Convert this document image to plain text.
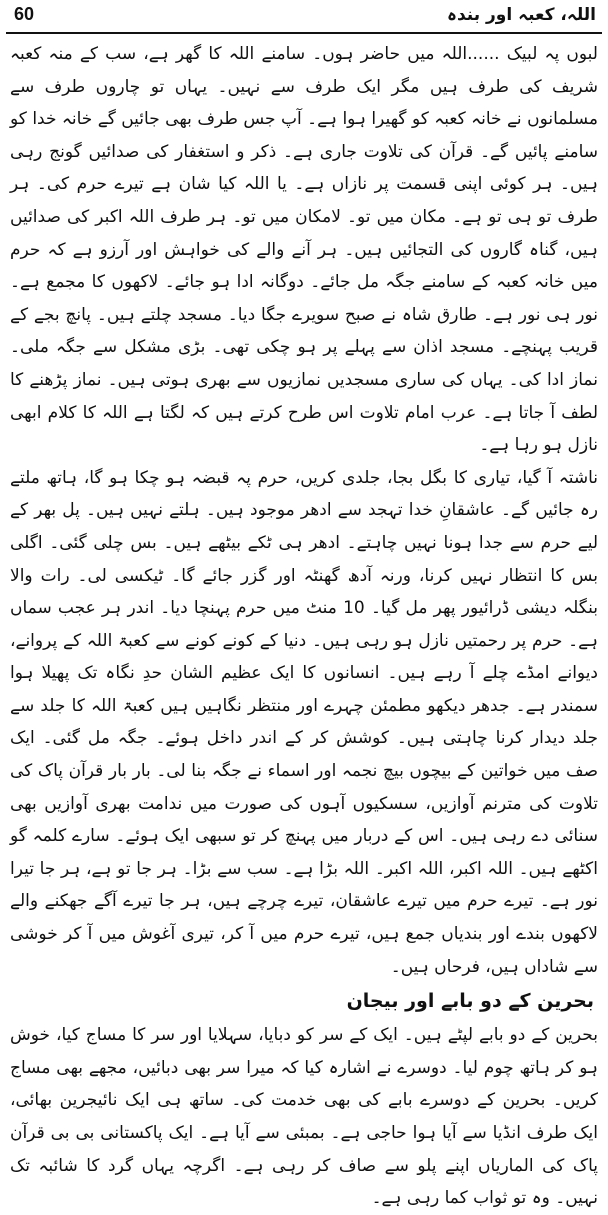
60	اللہ، کعبہ اور بندہ

لبوں پہ لبیک ......اللہ میں حاضر ہوں۔ سامنے اللہ کا گھر ہے، سب کے منہ کعبہ شریف کی طرف ہیں مگر ایک طرف سے نہیں۔ یہاں تو چاروں طرف سے مسلمانوں نے خانہ کعبہ کو گھیرا ہوا ہے۔ آپ جس طرف بھی جائیں گے خانہ خدا کو سامنے پائیں گے۔ قرآن کی تلاوت جاری ہے۔ ذکر و استغفار کی صدائیں گونج رہی ہیں۔ ہر کوئی اپنی قسمت پر نازاں ہے۔ یا اللہ کیا شان ہے تیرے حرم کی۔ ہر طرف تو ہی تو ہے۔ مکان میں تو۔ لامکان میں تو۔ ہر طرف اللہ اکبر کی صدائیں ہیں، گناہ گاروں کی التجائیں ہیں۔ ہر آنے والے کی خواہش اور آرزو ہے کہ حرم میں خانہ کعبہ کے سامنے جگہ مل جائے۔ دوگانہ ادا ہو جائے۔ لاکھوں کا مجمع ہے۔ نور ہی نور ہے۔ طارق شاہ نے صبح سویرے جگا دیا۔ مسجد چلتے ہیں۔ پانچ بجے کے قریب پہنچے۔ مسجد اذان سے پہلے پر ہو چکی تھی۔ بڑی مشکل سے جگہ ملی۔ نماز ادا کی۔ یہاں کی ساری مسجدیں نمازیوں سے بھری ہوتی ہیں۔ نماز پڑھنے کا لطف آ جاتا ہے۔ عرب امام تلاوت اس طرح کرتے ہیں کہ لگتا ہے اللہ کا کلام ابھی نازل ہو رہا ہے۔

ناشتہ آ گیا، تیاری کا بگل بجا، جلدی کریں، حرم پہ قبضہ ہو چکا ہو گا، ہاتھ ملتے رہ جائیں گے۔ عاشقانِ خدا تہجد سے ادھر موجود ہیں۔ ہلتے نہیں ہیں۔ پل بھر کے لیے حرم سے جدا ہونا نہیں چاہتے۔ ادھر ہی ٹکے بیٹھے ہیں۔ بس چلی گئی۔ اگلی بس کا انتظار نہیں کرنا، ورنہ آدھ گھنٹہ اور گزر جائے گا۔ ٹیکسی لی۔ رات والا بنگلہ دیشی ڈرائیور پھر مل گیا۔ 10 منٹ میں حرم پہنچا دیا۔ اندر ہر عجب سماں ہے۔ حرم پر رحمتیں نازل ہو رہی ہیں۔ دنیا کے کونے کونے سے کعبۃ اللہ کے پروانے، دیوانے امڈے چلے آ رہے ہیں۔ انسانوں کا ایک عظیم الشان حدِ نگاہ تک پھیلا ہوا سمندر ہے۔ جدھر دیکھو مطمئن چہرے اور منتظر نگاہیں ہیں کعبۃ اللہ کا جلد سے جلد دیدار کرنا چاہتی ہیں۔ کوشش کر کے اندر داخل ہوئے۔ جگہ مل گئی۔ ایک صف میں خواتین کے بیچوں بیچ نجمہ اور اسماء نے جگہ بنا لی۔ بار بار قرآن پاک کی تلاوت کی مترنم آوازیں، سسکیوں آہوں کی صورت میں ندامت بھری آوازیں بھی سنائی دے رہی ہیں۔ اس کے دربار میں پہنچ کر تو سبھی ایک ہوئے۔ سارے کلمہ گو اکٹھے ہیں۔ اللہ اکبر، اللہ اکبر۔ اللہ بڑا ہے۔ سب سے بڑا۔ ہر جا تو ہے، ہر جا تیرا نور ہے۔ تیرے حرم میں تیرے عاشقان، تیرے چرچے ہیں، ہر جا تیرے آگے جھکنے والے لاکھوں بندے اور بندیاں جمع ہیں، تیرے حرم میں آ کر، تیری آغوش میں آ کر خوشی سے شاداں ہیں، فرحاں ہیں۔

بحرین کے دو بابے اور بیجان

بحرین کے دو بابے لپٹے ہیں۔ ایک کے سر کو دبایا، سہلایا اور سر کا مساج کیا، خوش ہو کر ہاتھ چوم لیا۔ دوسرے نے اشارہ کیا کہ میرا سر بھی دبائیں، مجھے بھی مساج کریں۔ بحرین کے دوسرے بابے کی بھی خدمت کی۔ ساتھ ہی ایک نائیجرین بھائی، ایک طرف انڈیا سے آیا ہوا حاجی ہے۔ بمبئی سے آیا ہے۔ ایک پاکستانی بی بی قرآن پاک کی الماریاں اپنے پلو سے صاف کر رہی ہے۔ اگرچہ یہاں گرد کا شائبہ تک نہیں۔ وہ تو ثواب کما رہی ہے۔
